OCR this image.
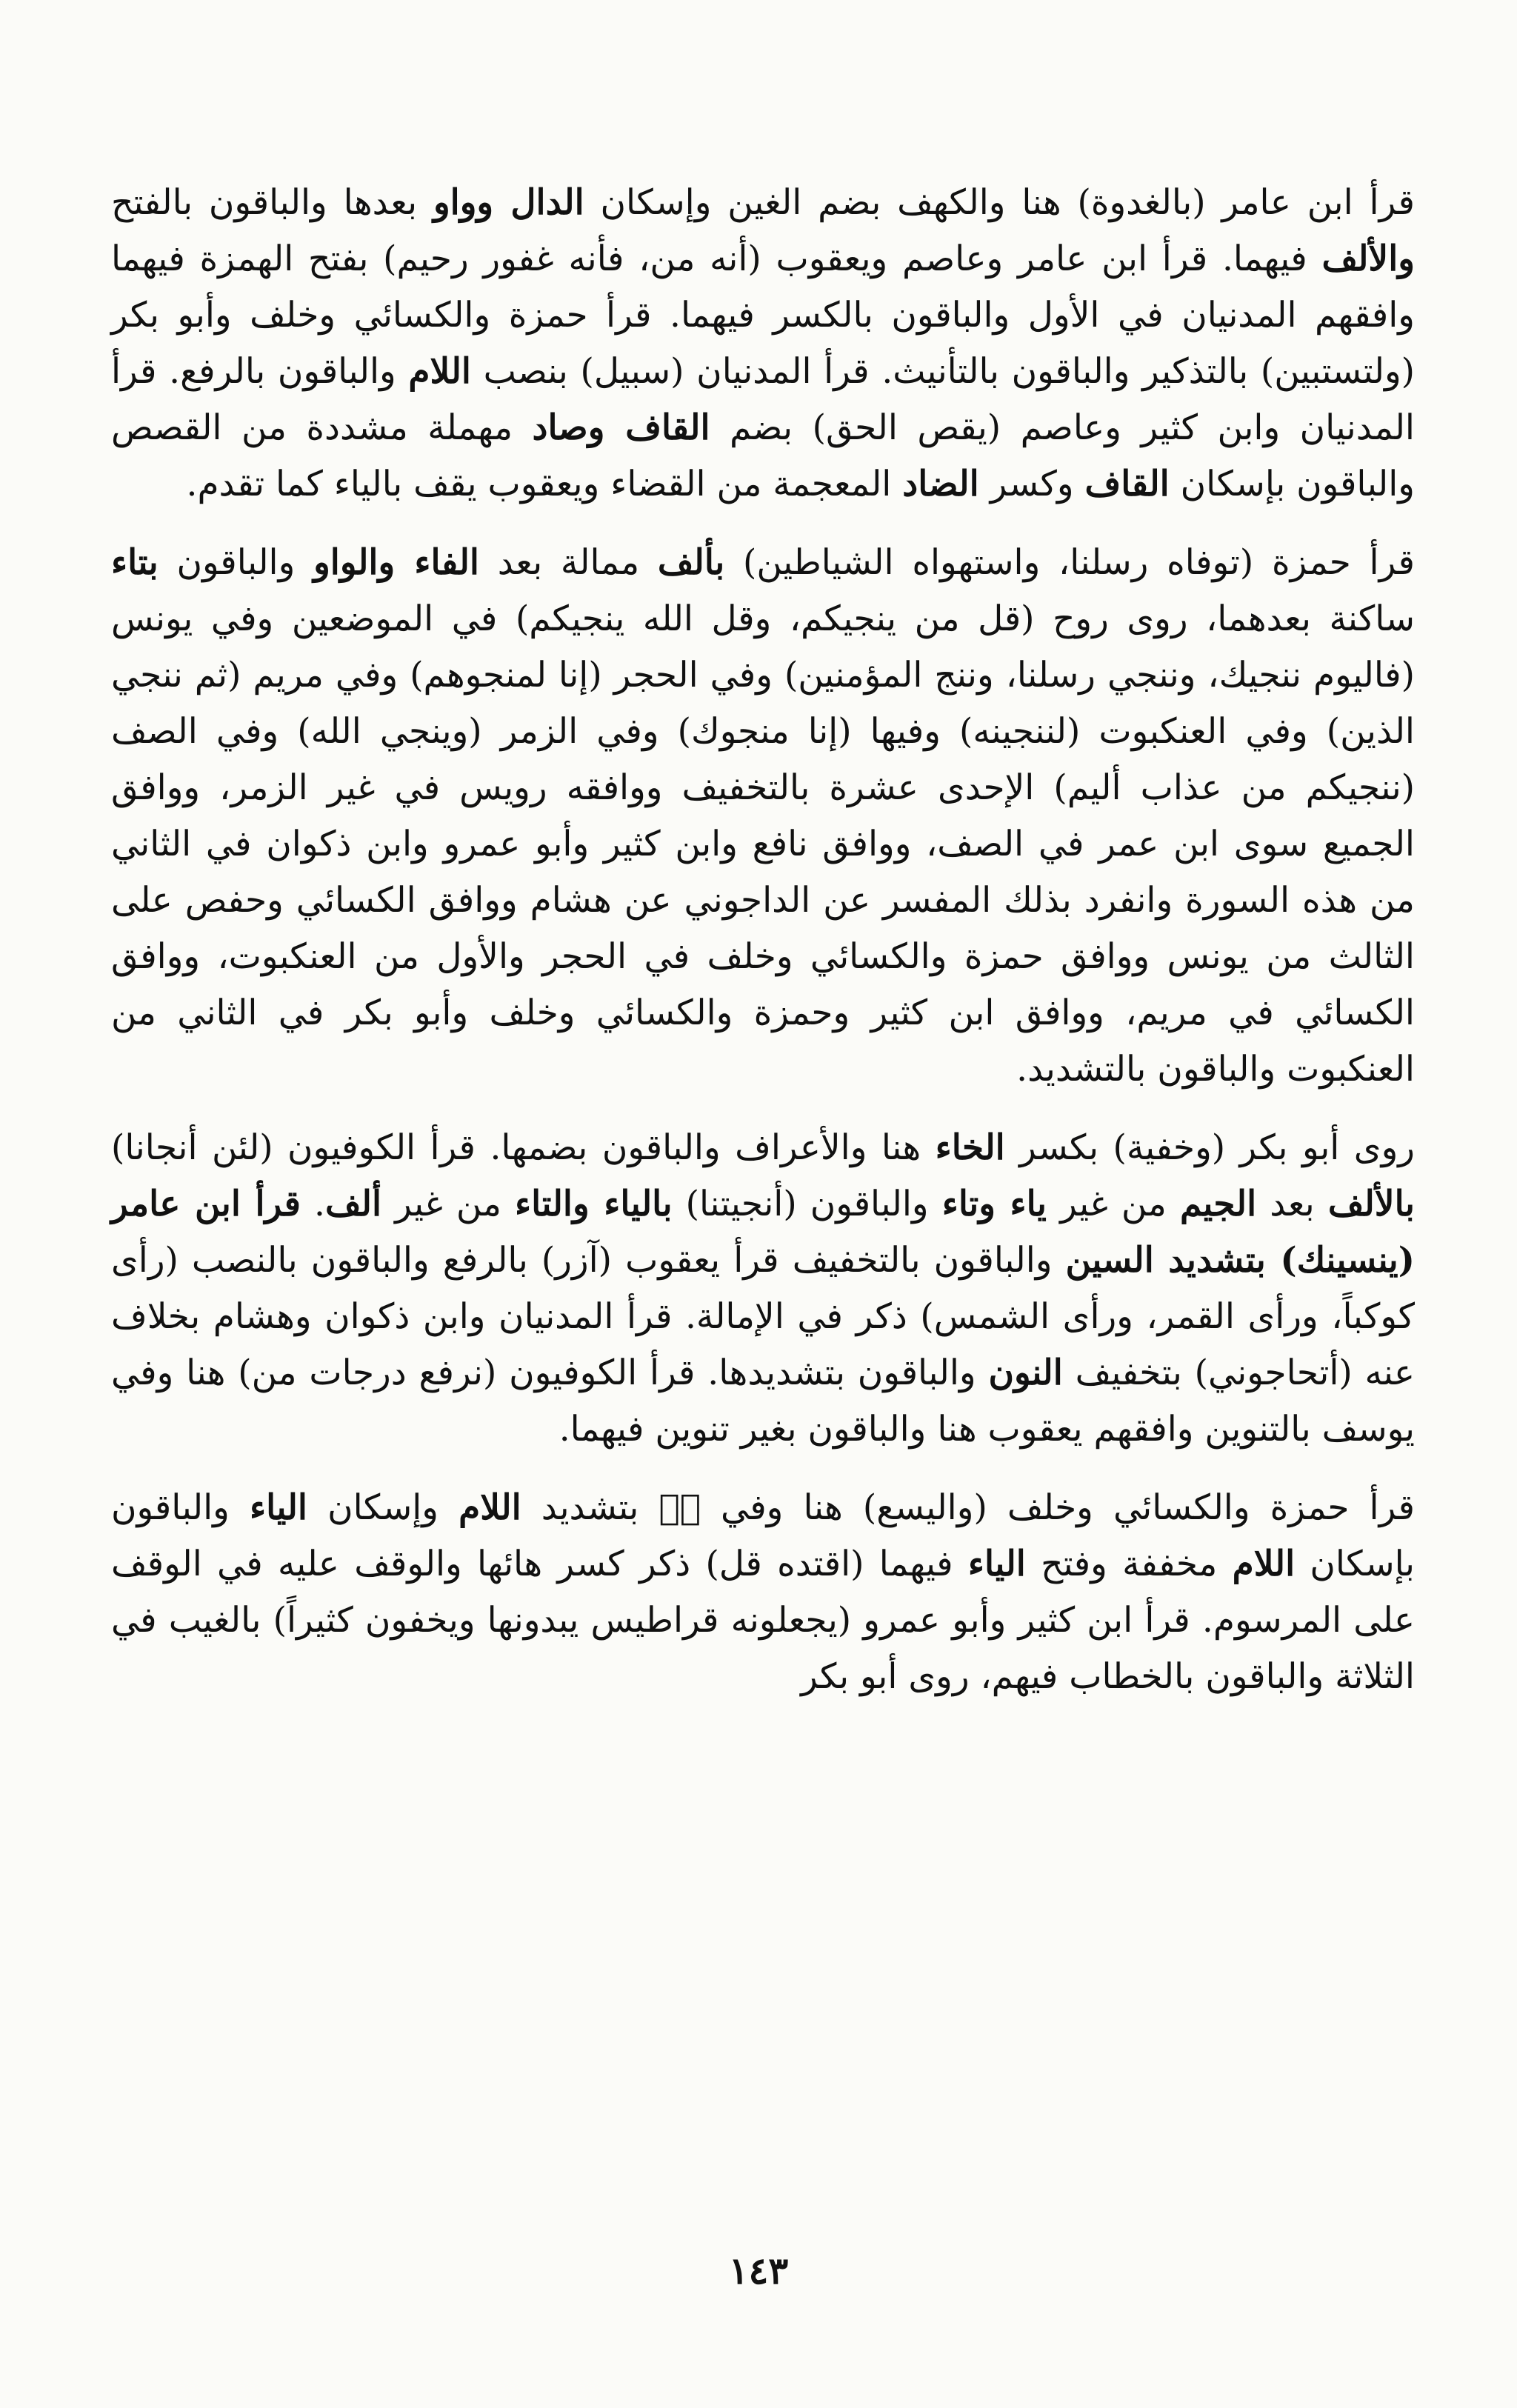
قرأ ابن عامر (بالغدوة) هنا والكهف بضم الغين وإسكان الدال وواو بعدها والباقون بالفتح والألف فيهما. قرأ ابن عامر وعاصم ويعقوب (أنه من، فأنه غفور رحيم) بفتح الهمزة فيهما وافقهم المدنيان في الأول والباقون بالكسر فيهما. قرأ حمزة والكسائي وخلف وأبو بكر (ولتستبين) بالتذكير والباقون بالتأنيث. قرأ المدنيان (سبيل) بنصب اللام والباقون بالرفع. قرأ المدنيان وابن كثير وعاصم (يقص الحق) بضم القاف وصاد مهملة مشددة من القصص والباقون بإسكان القاف وكسر الضاد المعجمة من القضاء ويعقوب يقف بالياء كما تقدم.

قرأ حمزة (توفاه رسلنا، واستهواه الشياطين) بألف ممالة بعد الفاء والواو والباقون بتاء ساكنة بعدهما، روى روح (قل من ينجيكم، وقل الله ينجيكم) في الموضعين وفي يونس (فاليوم ننجيك، وننجي رسلنا، وننج المؤمنين) وفي الحجر (إنا لمنجوهم) وفي مريم (ثم ننجي الذين) وفي العنكبوت (لننجينه) وفيها (إنا منجوك) وفي الزمر (وينجي الله) وفي الصف (ننجيكم من عذاب أليم) الإحدى عشرة بالتخفيف ووافقه رويس في غير الزمر، ووافق الجميع سوى ابن عمر في الصف، ووافق نافع وابن كثير وأبو عمرو وابن ذكوان في الثاني من هذه السورة وانفرد بذلك المفسر عن الداجوني عن هشام ووافق الكسائي وحفص على الثالث من يونس ووافق حمزة والكسائي وخلف في الحجر والأول من العنكبوت، ووافق الكسائي في مريم، ووافق ابن كثير وحمزة والكسائي وخلف وأبو بكر في الثاني من العنكبوت والباقون بالتشديد.

روى أبو بكر (وخفية) بكسر الخاء هنا والأعراف والباقون بضمها. قرأ الكوفيون (لئن أنجانا) بالألف بعد الجيم من غير ياء وتاء والباقون (أنجيتنا) بالياء والتاء من غير ألف. قرأ ابن عامر (ينسينك) بتشديد السين والباقون بالتخفيف قرأ يعقوب (آزر) بالرفع والباقون بالنصب (رأى كوكباً، ورأى القمر، ورأى الشمس) ذكر في الإمالة. قرأ المدنيان وابن ذكوان وهشام بخلاف عنه (أتحاجوني) بتخفيف النون والباقون بتشديدها. قرأ الكوفيون (نرفع درجات من) هنا وفي يوسف بالتنوين وافقهم يعقوب هنا والباقون بغير تنوين فيهما.

قرأ حمزة والكسائي وخلف (واليسع) هنا وفي صۤ بتشديد اللام وإسكان الياء والباقون بإسكان اللام مخففة وفتح الياء فيهما (اقتده قل) ذكر كسر هائها والوقف عليه في الوقف على المرسوم. قرأ ابن كثير وأبو عمرو (يجعلونه قراطيس يبدونها ويخفون كثيراً) بالغيب في الثلاثة والباقون بالخطاب فيهم، روى أبو بكر

١٤٣
